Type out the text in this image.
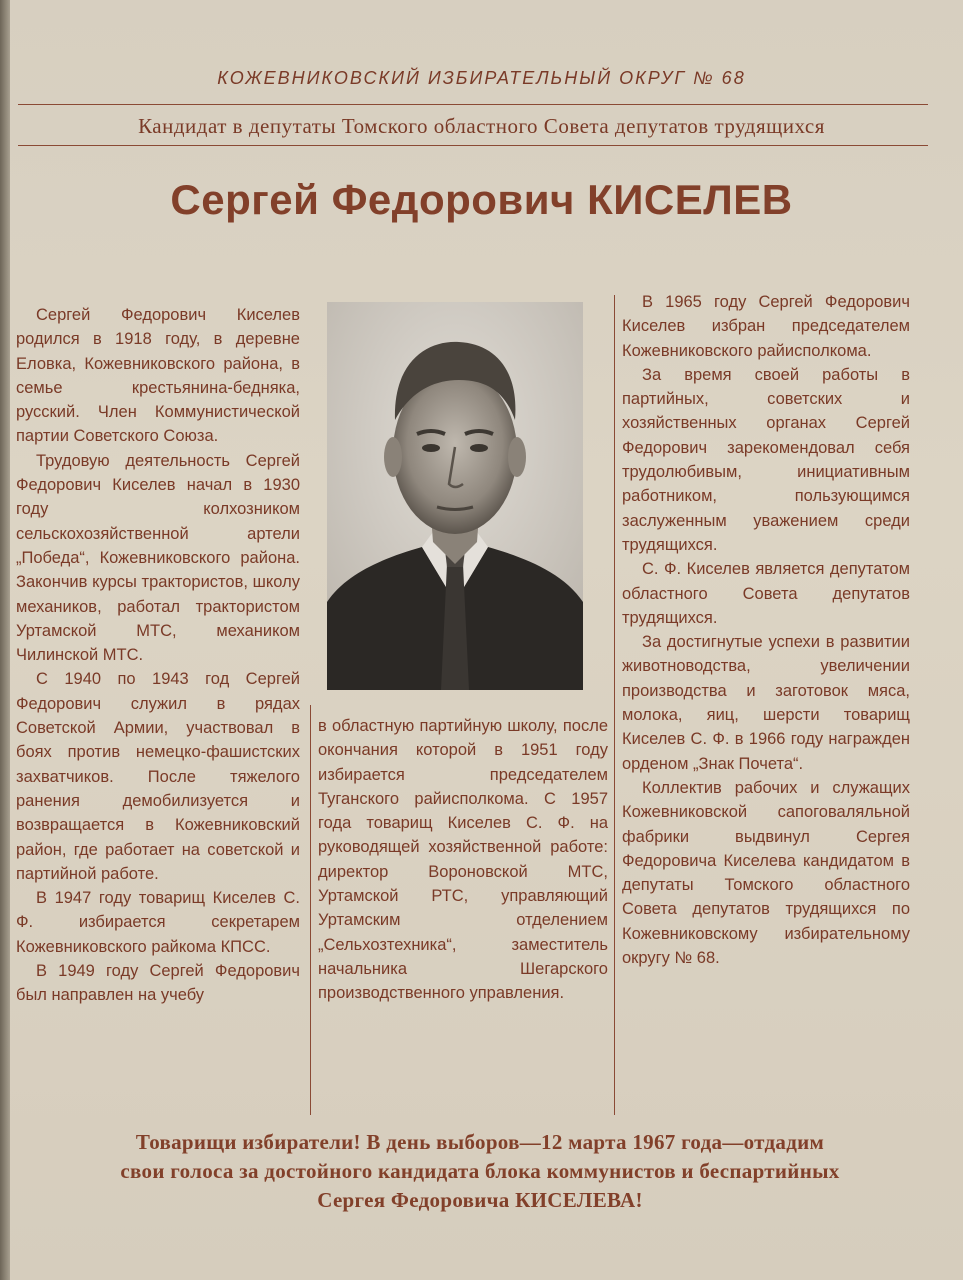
КОЖЕВНИКОВСКИЙ ИЗБИРАТЕЛЬНЫЙ ОКРУГ № 68
Кандидат в депутаты Томского областного Совета депутатов трудящихся
Сергей Федорович КИСЕЛЕВ

Сергей Федорович Киселев родился в 1918 году, в деревне Еловка, Кожевниковского района, в семье крестьянина-бедняка, русский. Член Коммунистической партии Советского Союза.

Трудовую деятельность Сергей Федорович Киселев начал в 1930 году колхозником сельскохозяйственной артели „Победа“, Кожевниковского района. Закончив курсы трактористов, школу механиков, работал трактористом Уртамской МТС, механиком Чилинской МТС.

С 1940 по 1943 год Сергей Федорович служил в рядах Советской Армии, участвовал в боях против немецко-фашистских захватчиков. После тяжелого ранения демобилизуется и возвращается в Кожевниковский район, где работает на советской и партийной работе.

В 1947 году товарищ Киселев С. Ф. избирается секретарем Кожевниковского райкома КПСС.

В 1949 году Сергей Федорович был направлен на учебу

в областную партийную школу, после окончания которой в 1951 году избирается председателем Туганского райисполкома. С 1957 года товарищ Киселев С. Ф. на руководящей хозяйственной работе: директор Вороновской МТС, Уртамской РТС, управляющий Уртамским отделением „Сельхозтехника“, заместитель начальника Шегарского производственного управления.

В 1965 году Сергей Федорович Киселев избран председателем Кожевниковского райисполкома.

За время своей работы в партийных, советских и хозяйственных органах Сергей Федорович зарекомендовал себя трудолюбивым, инициативным работником, пользующимся заслуженным уважением среди трудящихся.

С. Ф. Киселев является депутатом областного Совета депутатов трудящихся.

За достигнутые успехи в развитии животноводства, увеличении производства и заготовок мяса, молока, яиц, шерсти товарищ Киселев С. Ф. в 1966 году награжден орденом „Знак Почета“.

Коллектив рабочих и служащих Кожевниковской сапоговаляльной фабрики выдвинул Сергея Федоровича Киселева кандидатом в депутаты Томского областного Совета депутатов трудящихся по Кожевниковскому избирательному округу № 68.

Товарищи избиратели! В день выборов—12 марта 1967 года—отдадим
свои голоса за достойного кандидата блока коммунистов и беспартийных
Сергея Федоровича КИСЕЛЕВА!
